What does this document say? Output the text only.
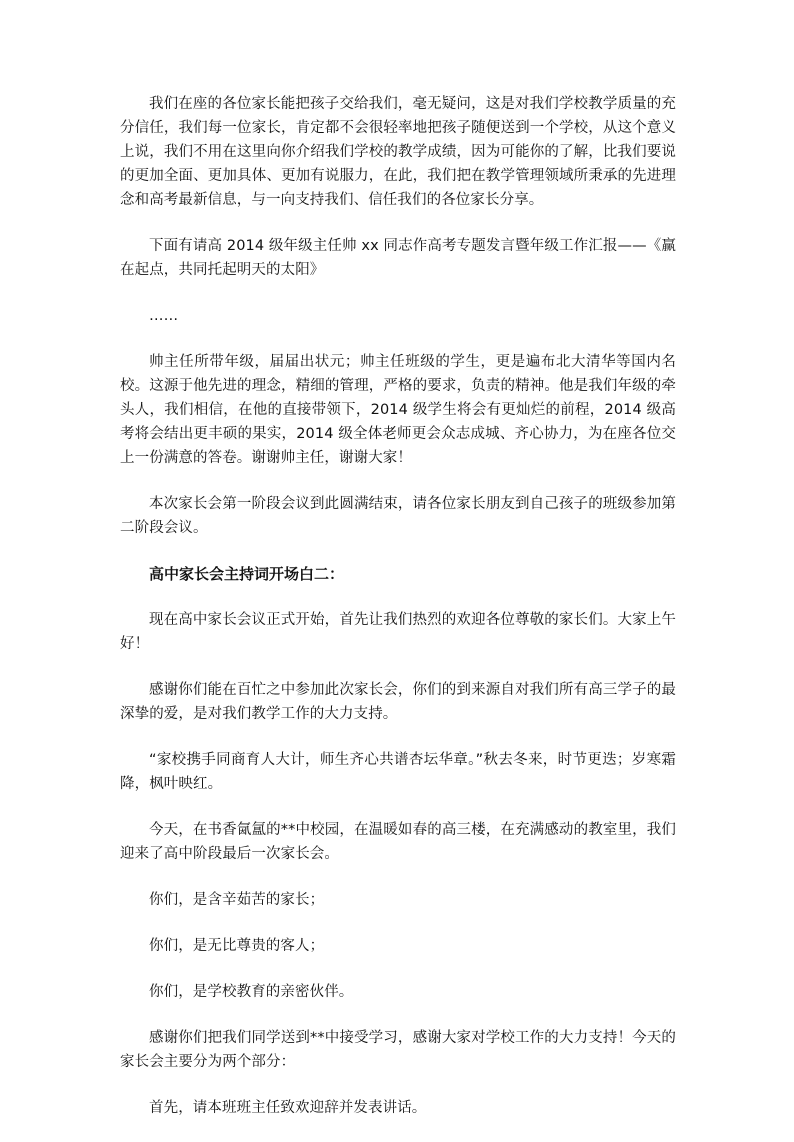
我们在座的各位家长能把孩子交给我们，毫无疑问，这是对我们学校教学质量的充分信任，我们每一位家长，肯定都不会很轻率地把孩子随便送到一个学校，从这个意义上说，我们不用在这里向你介绍我们学校的教学成绩，因为可能你的了解，比我们要说的更加全面、更加具体、更加有说服力，在此，我们把在教学管理领域所秉承的先进理念和高考最新信息，与一向支持我们、信任我们的各位家长分享。

下面有请高 2014 级年级主任帅 xx 同志作高考专题发言暨年级工作汇报——《赢在起点，共同托起明天的太阳》

……

帅主任所带年级，届届出状元；帅主任班级的学生，更是遍布北大清华等国内名校。这源于他先进的理念，精细的管理，严格的要求，负责的精神。他是我们年级的牵头人，我们相信，在他的直接带领下，2014 级学生将会有更灿烂的前程，2014 级高考将会结出更丰硕的果实，2014 级全体老师更会众志成城、齐心协力，为在座各位交上一份满意的答卷。谢谢帅主任，谢谢大家！

本次家长会第一阶段会议到此圆满结束，请各位家长朋友到自己孩子的班级参加第二阶段会议。

高中家长会主持词开场白二：

现在高中家长会议正式开始，首先让我们热烈的欢迎各位尊敬的家长们。大家上午好！

感谢你们能在百忙之中参加此次家长会，你们的到来源自对我们所有高三学子的最深挚的爱，是对我们教学工作的大力支持。

“家校携手同商育人大计，师生齐心共谱杏坛华章。”秋去冬来，时节更迭；岁寒霜降，枫叶映红。

今天，在书香氤氲的**中校园，在温暖如春的高三楼，在充满感动的教室里，我们迎来了高中阶段最后一次家长会。

你们，是含辛茹苦的家长；

你们，是无比尊贵的客人；

你们，是学校教育的亲密伙伴。

感谢你们把我们同学送到**中接受学习，感谢大家对学校工作的大力支持！今天的家长会主要分为两个部分：

首先，请本班班主任致欢迎辞并发表讲话。
